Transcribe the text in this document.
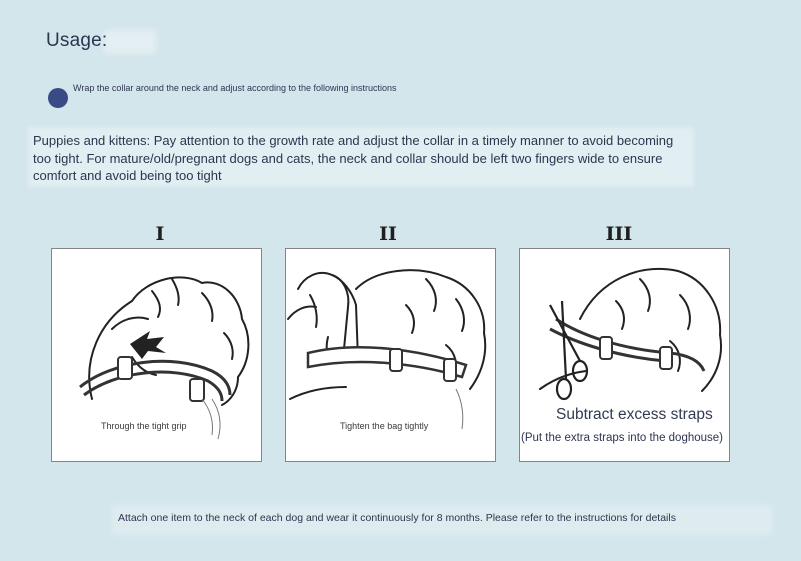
Usage:
Wrap the collar around the neck and adjust according to the following instructions
Puppies and kittens: Pay attention to the growth rate and adjust the collar in a timely manner to avoid becoming too tight. For mature/old/pregnant dogs and cats, the neck and collar should be left two fingers wide to ensure comfort and avoid being too tight
I	II	III
Through the tight grip	Tighten the bag tightly
Subtract excess straps
(Put the extra straps into the doghouse)
Attach one item to the neck of each dog and wear it continuously for 8 months. Please refer to the instructions for details
